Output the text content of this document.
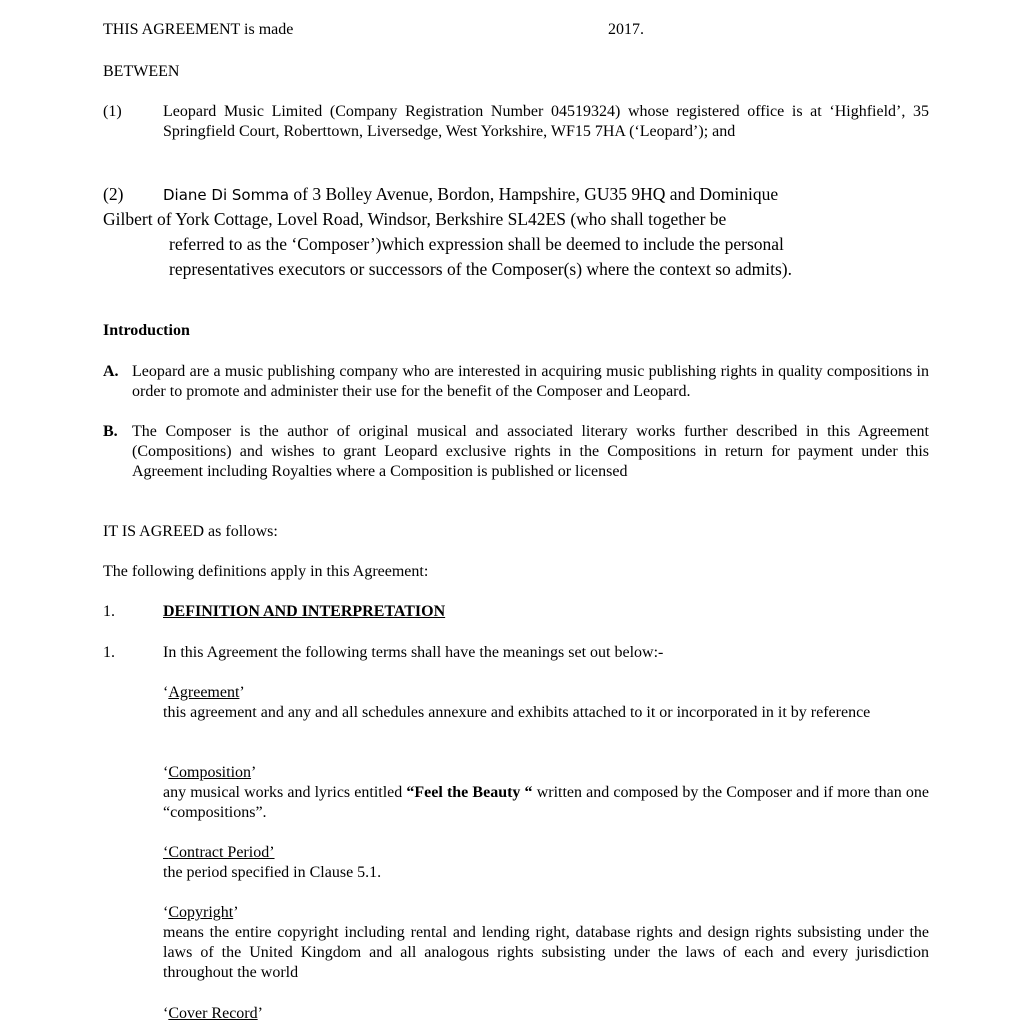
THIS AGREEMENT is made	2017.
BETWEEN
(1)	Leopard Music Limited (Company Registration Number 04519324) whose registered office is at ‘Highfield’, 35 Springfield Court, Roberttown, Liversedge, West Yorkshire, WF15 7HA (‘Leopard’); and
(2)	Diane Di Somma of 3 Bolley Avenue, Bordon, Hampshire, GU35 9HQ and Dominique
Gilbert of York Cottage, Lovel Road, Windsor, Berkshire SL42ES (who shall together be
referred to as the ‘Composer’)which expression shall be deemed to include the personal
representatives executors or successors of the Composer(s) where the context so admits).
Introduction
A. Leopard are a music publishing company who are interested in acquiring music publishing rights in quality compositions in order to promote and administer their use for the benefit of the Composer and Leopard.
B. The Composer is the author of original musical and associated literary works further described in this Agreement (Compositions) and wishes to grant Leopard exclusive rights in the Compositions in return for payment under this Agreement including Royalties where a Composition is published or licensed
IT IS AGREED as follows:
The following definitions apply in this Agreement:
1.	DEFINITION AND INTERPRETATION
1.	In this Agreement the following terms shall have the meanings set out below:-
‘Agreement’
this agreement and any and all schedules annexure and exhibits attached to it or incorporated in it by reference
‘Composition’
any musical works and lyrics entitled “Feel the Beauty “ written and composed by the Composer and if more than one “compositions”.
‘Contract Period’
the period specified in Clause 5.1.
‘Copyright’
means the entire copyright including rental and lending right, database rights and design rights subsisting under the laws of the United Kingdom and all analogous rights subsisting under the laws of each and every jurisdiction throughout the world
‘Cover Record’
